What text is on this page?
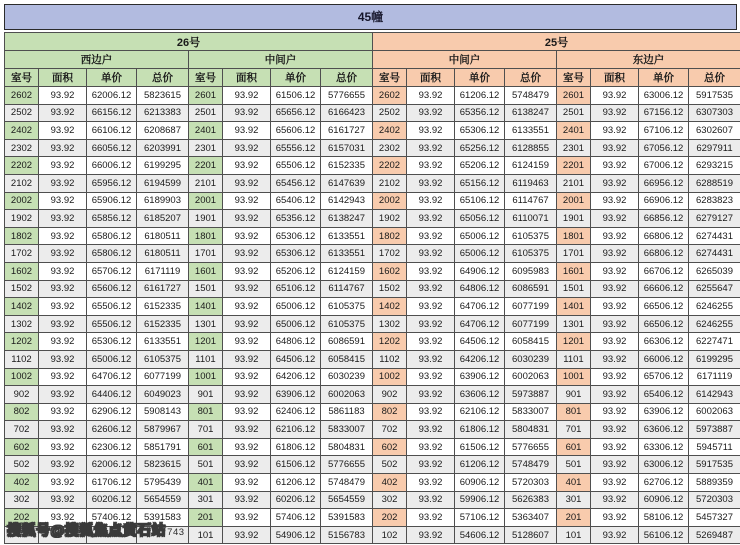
45幢
26号								25号							
西边户				中间户				中间户				东边户			
室号	面积	单价	总价	室号	面积	单价	总价	室号	面积	单价	总价	室号	面积	单价	总价
2602	93.92	62006.12	5823615	2601	93.92	61506.12	5776655	2602	93.92	61206.12	5748479	2601	93.92	63006.12	5917535
2502	93.92	66156.12	6213383	2501	93.92	65656.12	6166423	2502	93.92	65356.12	6138247	2501	93.92	67156.12	6307303
2402	93.92	66106.12	6208687	2401	93.92	65606.12	6161727	2402	93.92	65306.12	6133551	2401	93.92	67106.12	6302607
2302	93.92	66056.12	6203991	2301	93.92	65556.12	6157031	2302	93.92	65256.12	6128855	2301	93.92	67056.12	6297911
2202	93.92	66006.12	6199295	2201	93.92	65506.12	6152335	2202	93.92	65206.12	6124159	2201	93.92	67006.12	6293215
2102	93.92	65956.12	6194599	2101	93.92	65456.12	6147639	2102	93.92	65156.12	6119463	2101	93.92	66956.12	6288519
2002	93.92	65906.12	6189903	2001	93.92	65406.12	6142943	2002	93.92	65106.12	6114767	2001	93.92	66906.12	6283823
1902	93.92	65856.12	6185207	1901	93.92	65356.12	6138247	1902	93.92	65056.12	6110071	1901	93.92	66856.12	6279127
1802	93.92	65806.12	6180511	1801	93.92	65306.12	6133551	1802	93.92	65006.12	6105375	1801	93.92	66806.12	6274431
1702	93.92	65806.12	6180511	1701	93.92	65306.12	6133551	1702	93.92	65006.12	6105375	1701	93.92	66806.12	6274431
1602	93.92	65706.12	6171119	1601	93.92	65206.12	6124159	1602	93.92	64906.12	6095983	1601	93.92	66706.12	6265039
1502	93.92	65606.12	6161727	1501	93.92	65106.12	6114767	1502	93.92	64806.12	6086591	1501	93.92	66606.12	6255647
1402	93.92	65506.12	6152335	1401	93.92	65006.12	6105375	1402	93.92	64706.12	6077199	1401	93.92	66506.12	6246255
1302	93.92	65506.12	6152335	1301	93.92	65006.12	6105375	1302	93.92	64706.12	6077199	1301	93.92	66506.12	6246255
1202	93.92	65306.12	6133551	1201	93.92	64806.12	6086591	1202	93.92	64506.12	6058415	1201	93.92	66306.12	6227471
1102	93.92	65006.12	6105375	1101	93.92	64506.12	6058415	1102	93.92	64206.12	6030239	1101	93.92	66006.12	6199295
1002	93.92	64706.12	6077199	1001	93.92	64206.12	6030239	1002	93.92	63906.12	6002063	1001	93.92	65706.12	6171119
902	93.92	64406.12	6049023	901	93.92	63906.12	6002063	902	93.92	63606.12	5973887	901	93.92	65406.12	6142943
802	93.92	62906.12	5908143	801	93.92	62406.12	5861183	802	93.92	62106.12	5833007	801	93.92	63906.12	6002063
702	93.92	62606.12	5879967	701	93.92	62106.12	5833007	702	93.92	61806.12	5804831	701	93.92	63606.12	5973887
602	93.92	62306.12	5851791	601	93.92	61806.12	5804831	602	93.92	61506.12	5776655	601	93.92	63306.12	5945711
502	93.92	62006.12	5823615	501	93.92	61506.12	5776655	502	93.92	61206.12	5748479	501	93.92	63006.12	5917535
402	93.92	61706.12	5795439	401	93.92	61206.12	5748479	402	93.92	60906.12	5720303	401	93.92	62706.12	5889359
302	93.92	60206.12	5654559	301	93.92	60206.12	5654559	302	93.92	59906.12	5626383	301	93.92	60906.12	5720303
202	93.92	57406.12	5391583	201	93.92	57406.12	5391583	202	93.92	57106.12	5363407	201	93.92	58106.12	5457327
				101	93.92	54906.12	5156783	102	93.92	54606.12	5128607	101	93.92	56106.12	5269487
搜狐号@搜狐焦点黄石站743
